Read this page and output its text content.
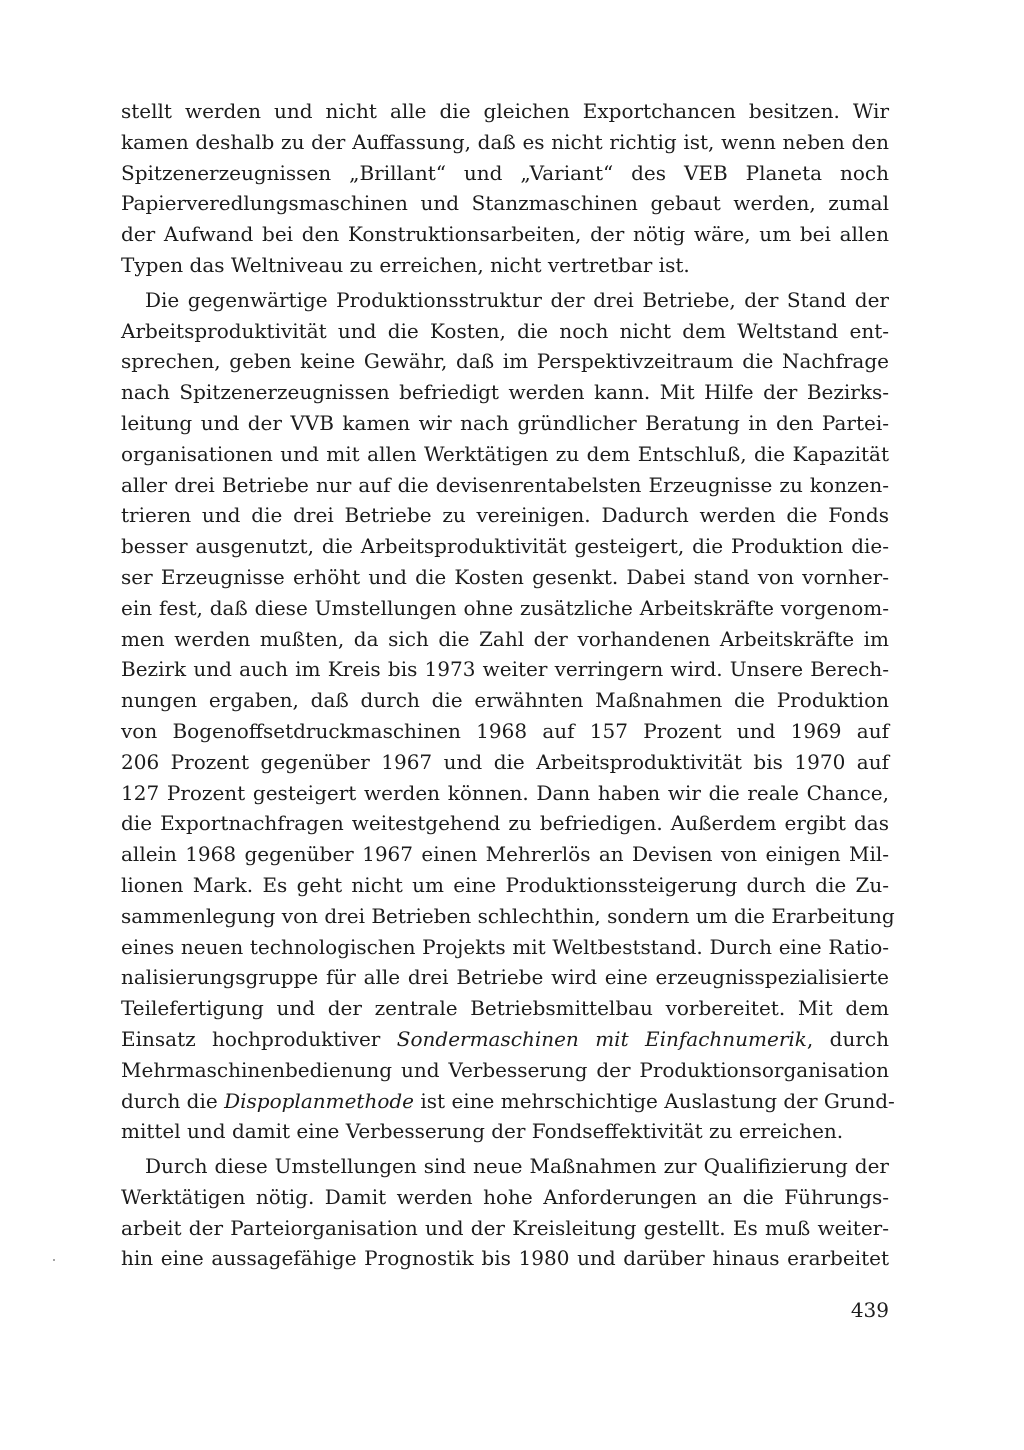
stellt werden und nicht alle die gleichen Exportchancen besitzen. Wir
kamen deshalb zu der Auffassung, daß es nicht richtig ist, wenn neben den
Spitzenerzeugnissen „Brillant“ und „Variant“ des VEB Planeta noch
Papierveredlungsmaschinen und Stanzmaschinen gebaut werden, zumal
der Aufwand bei den Konstruktionsarbeiten, der nötig wäre, um bei allen
Typen das Weltniveau zu erreichen, nicht vertretbar ist.
Die gegenwärtige Produktionsstruktur der drei Betriebe, der Stand der
Arbeitsproduktivität und die Kosten, die noch nicht dem Weltstand ent-
sprechen, geben keine Gewähr, daß im Perspektivzeitraum die Nachfrage
nach Spitzenerzeugnissen befriedigt werden kann. Mit Hilfe der Bezirks-
leitung und der VVB kamen wir nach gründlicher Beratung in den Partei-
organisationen und mit allen Werktätigen zu dem Entschluß, die Kapazität
aller drei Betriebe nur auf die devisenrentabelsten Erzeugnisse zu konzen-
trieren und die drei Betriebe zu vereinigen. Dadurch werden die Fonds
besser ausgenutzt, die Arbeitsproduktivität gesteigert, die Produktion die-
ser Erzeugnisse erhöht und die Kosten gesenkt. Dabei stand von vornher-
ein fest, daß diese Umstellungen ohne zusätzliche Arbeitskräfte vorgenom-
men werden mußten, da sich die Zahl der vorhandenen Arbeitskräfte im
Bezirk und auch im Kreis bis 1973 weiter verringern wird. Unsere Berech-
nungen ergaben, daß durch die erwähnten Maßnahmen die Produktion
von Bogenoffsetdruckmaschinen 1968 auf 157 Prozent und 1969 auf
206 Prozent gegenüber 1967 und die Arbeitsproduktivität bis 1970 auf
127 Prozent gesteigert werden können. Dann haben wir die reale Chance,
die Exportnachfragen weitestgehend zu befriedigen. Außerdem ergibt das
allein 1968 gegenüber 1967 einen Mehrerlös an Devisen von einigen Mil-
lionen Mark. Es geht nicht um eine Produktionssteigerung durch die Zu-
sammenlegung von drei Betrieben schlechthin, sondern um die Erarbeitung
eines neuen technologischen Projekts mit Weltbeststand. Durch eine Ratio-
nalisierungsgruppe für alle drei Betriebe wird eine erzeugnisspezialisierte
Teilefertigung und der zentrale Betriebsmittelbau vorbereitet. Mit dem
Einsatz hochproduktiver Sondermaschinen mit Einfachnumerik, durch
Mehrmaschinenbedienung und Verbesserung der Produktionsorganisation
durch die Dispoplanmethode ist eine mehrschichtige Auslastung der Grund-
mittel und damit eine Verbesserung der Fondseffektivität zu erreichen.
Durch diese Umstellungen sind neue Maßnahmen zur Qualifizierung der
Werktätigen nötig. Damit werden hohe Anforderungen an die Führungs-
arbeit der Parteiorganisation und der Kreisleitung gestellt. Es muß weiter-
hin eine aussagefähige Prognostik bis 1980 und darüber hinaus erarbeitet
439
